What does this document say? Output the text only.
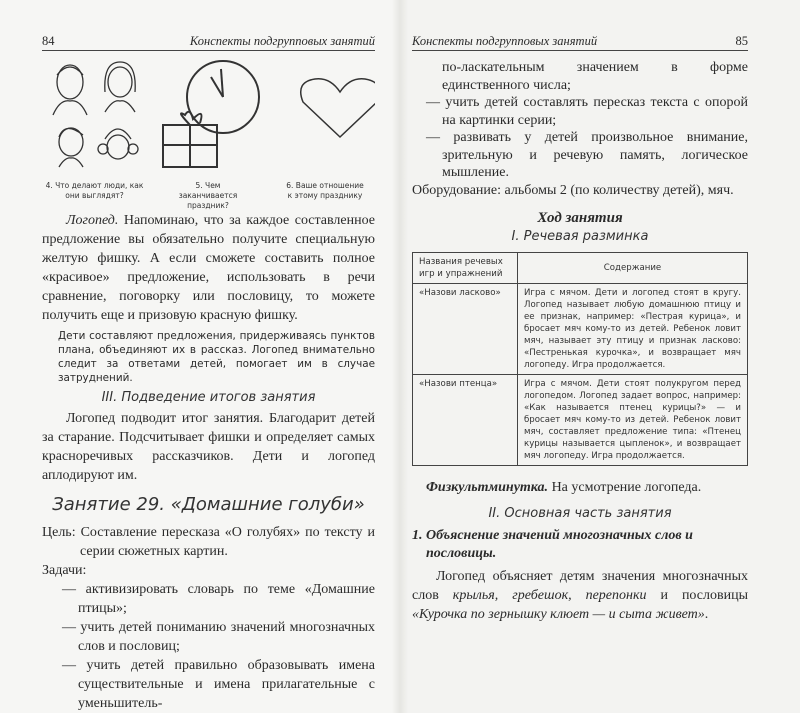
84	Конспекты подгрупповых занятий
4. Что делают люди, как они выглядят?
5. Чем заканчивается праздник?
6. Ваше отношение к этому празднику
Логопед. Напоминаю, что за каждое составленное предложение вы обязательно получите специальную желтую фишку. А если сможете составить полное «красивое» предложение, использовать в речи сравнение, поговорку или пословицу, то можете получить еще и призовую красную фишку.
Дети составляют предложения, придерживаясь пунктов плана, объединяют их в рассказ. Логопед внимательно следит за ответами детей, помогает им в случае затруднений.
III. Подведение итогов занятия
Логопед подводит итог занятия. Благодарит детей за старание. Подсчитывает фишки и определяет самых красноречивых рассказчиков. Дети и логопед аплодируют им.
Занятие 29. «Домашние голуби»
Цель: Составление пересказа «О голубях» по тексту и серии сюжетных картин.
Задачи:
— активизировать словарь по теме «Домашние птицы»;
— учить детей пониманию значений многозначных слов и пословиц;
— учить детей правильно образовывать имена существительные и имена прилагательные с уменьшитель-
Конспекты подгрупповых занятий	85
по-ласкательным значением в форме единственного числа;
— учить детей составлять пересказ текста с опорой на картинки серии;
— развивать у детей произвольное внимание, зрительную и речевую память, логическое мышление.
Оборудование: альбомы 2 (по количеству детей), мяч.
Ход занятия
I. Речевая разминка
Названия речевых игр и упражнений	Содержание
«Назови ласково»	Игра с мячом. Дети и логопед стоят в кругу. Логопед называет любую домашнюю птицу и ее признак, например: «Пестрая курица», и бросает мяч кому-то из детей. Ребенок ловит мяч, называет эту птицу и признак ласково: «Пестренькая курочка», и возвращает мяч логопеду. Игра продолжается.
«Назови птенца»	Игра с мячом. Дети стоят полукругом перед логопедом. Логопед задает вопрос, например: «Как называется птенец курицы?» — и бросает мяч кому-то из детей. Ребенок ловит мяч, составляет предложение типа: «Птенец курицы называется цыпленок», и возвращает мяч логопеду. Игра продолжается.
Физкультминутка. На усмотрение логопеда.
II. Основная часть занятия
1. Объяснение значений многозначных слов и пословицы.
Логопед объясняет детям значения многозначных слов крылья, гребешок, перепонки и пословицы «Курочка по зернышку клюет — и сыта живет».
